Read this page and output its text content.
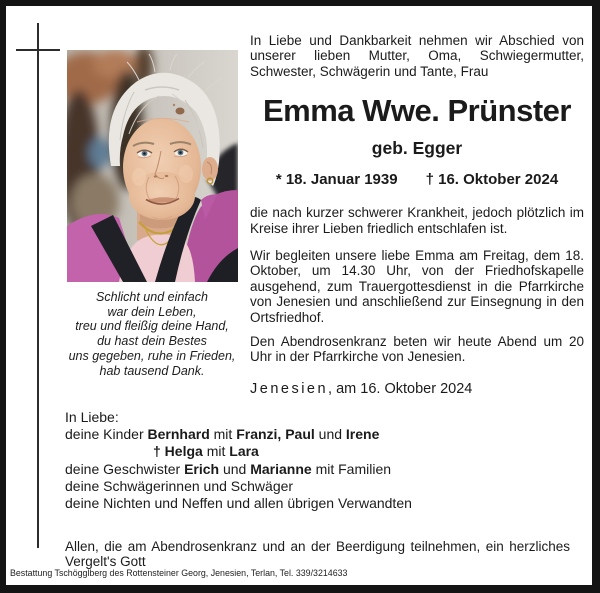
Schlicht und einfach
war dein Leben,
treu und fleißig deine Hand,
du hast dein Bestes
uns gegeben, ruhe in Frieden,
hab tausend Dank.

In Liebe und Dankbarkeit nehmen wir Abschied von unserer lieben Mutter, Oma, Schwiegermutter, Schwester, Schwägerin und Tante, Frau

Emma Wwe. Prünster
geb. Egger
* 18. Januar 1939 † 16. Oktober 2024

die nach kurzer schwerer Krankheit, jedoch plötzlich im Kreise ihrer Lieben friedlich entschlafen ist.

Wir begleiten unsere liebe Emma am Freitag, dem 18. Oktober, um 14.30 Uhr, von der Friedhofskapelle ausgehend, zum Trauergottesdienst in die Pfarrkirche von Jenesien und anschließend zur Einsegnung in den Ortsfriedhof.

Den Abendrosenkranz beten wir heute Abend um 20 Uhr in der Pfarrkirche von Jenesien.

Jenesien, am 16. Oktober 2024
In Liebe:
deine Kinder Bernhard mit Franzi, Paul und Irene
† Helga mit Lara
deine Geschwister Erich und Marianne mit Familien
deine Schwägerinnen und Schwäger
deine Nichten und Neffen und allen übrigen Verwandten

Allen, die am Abendrosenkranz und an der Beerdigung teilnehmen, ein herzliches Vergelt's Gott

Bestattung Tschögglberg des Rottensteiner Georg, Jenesien, Terlan, Tel. 339/3214633
